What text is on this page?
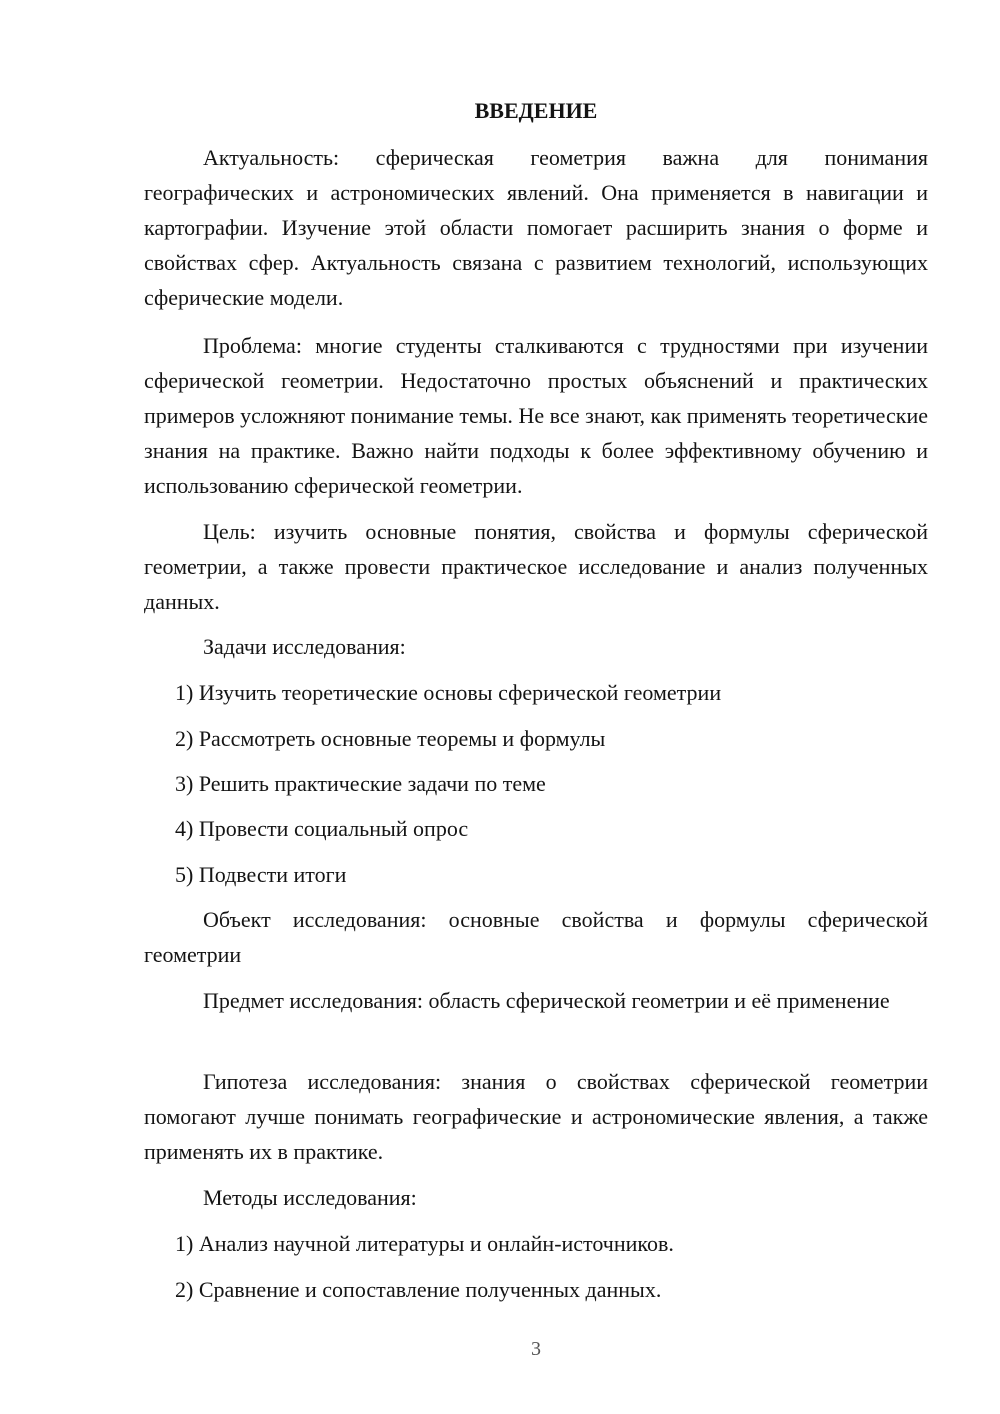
ВВЕДЕНИЕ

Актуальность: сферическая геометрия важна для понимания географических и астрономических явлений. Она применяется в навигации и картографии. Изучение этой области помогает расширить знания о форме и свойствах сфер. Актуальность связана с развитием технологий, использующих сферические модели.

Проблема: многие студенты сталкиваются с трудностями при изучении сферической геометрии. Недостаточно простых объяснений и практических примеров усложняют понимание темы. Не все знают, как применять теоретические знания на практике. Важно найти подходы к более эффективному обучению и использованию сферической геометрии.

Цель: изучить основные понятия, свойства и формулы сферической геометрии, а также провести практическое исследование и анализ полученных данных.

Задачи исследования:
1) Изучить теоретические основы сферической геометрии
2) Рассмотреть основные теоремы и формулы
3) Решить практические задачи по теме
4) Провести социальный опрос
5) Подвести итоги

Объект исследования: основные свойства и формулы сферической геометрии

Предмет исследования: область сферической геометрии и её применение

Гипотеза исследования: знания о свойствах сферической геометрии помогают лучше понимать географические и астрономические явления, а также применять их в практике.

Методы исследования:
1) Анализ научной литературы и онлайн-источников.
2) Сравнение и сопоставление полученных данных.
3
